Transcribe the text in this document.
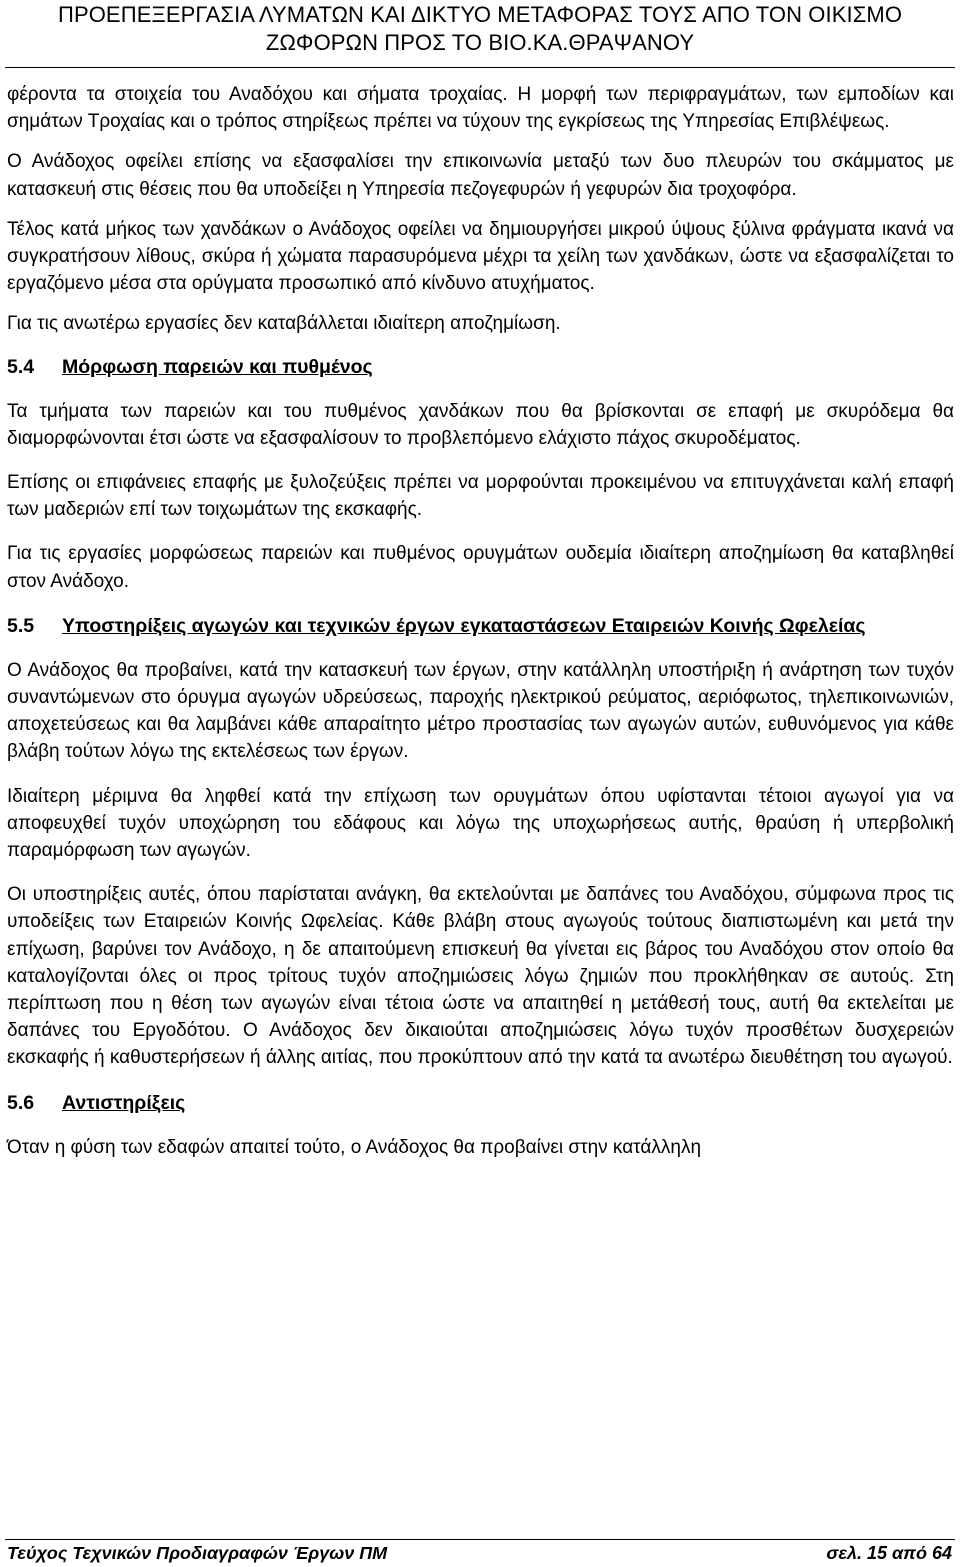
ΠΡΟΕΠΕΞΕΡΓΑΣΙΑ ΛΥΜΑΤΩΝ ΚΑΙ ΔΙΚΤΥΟ ΜΕΤΑΦΟΡΑΣ ΤΟΥΣ ΑΠΟ ΤΟΝ ΟΙΚΙΣΜΟ
ΖΩΦΟΡΩΝ ΠΡΟΣ ΤΟ ΒΙΟ.ΚΑ.ΘΡΑΨΑΝΟΥ

φέροντα τα στοιχεία του Αναδόχου και σήματα τροχαίας. Η μορφή των περιφραγμάτων, των εμποδίων και σημάτων Τροχαίας και ο τρόπος στηρίξεως πρέπει να τύχουν της εγκρίσεως της Υπηρεσίας Επιβλέψεως.

Ο Ανάδοχος οφείλει επίσης να εξασφαλίσει την επικοινωνία μεταξύ των δυο πλευρών του σκάμματος με κατασκευή στις θέσεις που θα υποδείξει η Υπηρεσία πεζογεφυρών ή γεφυρών δια τροχοφόρα.

Τέλος κατά μήκος των χανδάκων ο Ανάδοχος οφείλει να δημιουργήσει μικρού ύψους ξύλινα φράγματα ικανά να συγκρατήσουν λίθους, σκύρα ή χώματα παρασυρόμενα μέχρι τα χείλη των χανδάκων, ώστε να εξασφαλίζεται το εργαζόμενο μέσα στα ορύγματα προσωπικό από κίνδυνο ατυχήματος.

Για τις ανωτέρω εργασίες δεν καταβάλλεται ιδιαίτερη αποζημίωση.

5.4 Μόρφωση παρειών και πυθμένος

Τα τμήματα των παρειών και του πυθμένος χανδάκων που θα βρίσκονται σε επαφή με σκυρόδεμα θα διαμορφώνονται έτσι ώστε να εξασφαλίσουν το προβλεπόμενο ελάχιστο πάχος σκυροδέματος.

Επίσης οι επιφάνειες επαφής με ξυλοζεύξεις πρέπει να μορφούνται προκειμένου να επιτυγχάνεται καλή επαφή των μαδεριών επί των τοιχωμάτων της εκσκαφής.

Για τις εργασίες μορφώσεως παρειών και πυθμένος ορυγμάτων ουδεμία ιδιαίτερη αποζημίωση θα καταβληθεί στον Ανάδοχο.

5.5 Υποστηρίξεις αγωγών και τεχνικών έργων εγκαταστάσεων Εταιρειών Κοινής Ωφελείας

Ο Ανάδοχος θα προβαίνει, κατά την κατασκευή των έργων, στην κατάλληλη υποστήριξη ή ανάρτηση των τυχόν συναντώμενων στο όρυγμα αγωγών υδρεύσεως, παροχής ηλεκτρικού ρεύματος, αεριόφωτος, τηλεπικοινωνιών, αποχετεύσεως και θα λαμβάνει κάθε απαραίτητο μέτρο προστασίας των αγωγών αυτών, ευθυνόμενος για κάθε βλάβη τούτων λόγω της εκτελέσεως των έργων.

Ιδιαίτερη μέριμνα θα ληφθεί κατά την επίχωση των ορυγμάτων όπου υφίστανται τέτοιοι αγωγοί για να αποφευχθεί τυχόν υποχώρηση του εδάφους και λόγω της υποχωρήσεως αυτής, θραύση ή υπερβολική παραμόρφωση των αγωγών.

Οι υποστηρίξεις αυτές, όπου παρίσταται ανάγκη, θα εκτελούνται με δαπάνες του Αναδόχου, σύμφωνα προς τις υποδείξεις των Εταιρειών Κοινής Ωφελείας. Κάθε βλάβη στους αγωγούς τούτους διαπιστωμένη και μετά την επίχωση, βαρύνει τον Ανάδοχο, η δε απαιτούμενη επισκευή θα γίνεται εις βάρος του Αναδόχου στον οποίο θα καταλογίζονται όλες οι προς τρίτους τυχόν αποζημιώσεις λόγω ζημιών που προκλήθηκαν σε αυτούς. Στη περίπτωση που η θέση των αγωγών είναι τέτοια ώστε να απαιτηθεί η μετάθεσή τους, αυτή θα εκτελείται με δαπάνες του Εργοδότου. Ο Ανάδοχος δεν δικαιούται αποζημιώσεις λόγω τυχόν προσθέτων δυσχερειών εκσκαφής ή καθυστερήσεων ή άλλης αιτίας, που προκύπτουν από την κατά τα ανωτέρω διευθέτηση του αγωγού.

5.6 Αντιστηρίξεις

Όταν η φύση των εδαφών απαιτεί τούτο, ο Ανάδοχος θα προβαίνει στην κατάλληλη

Τεύχος Τεχνικών Προδιαγραφών Έργων ΠΜ	σελ. 15 από 64
